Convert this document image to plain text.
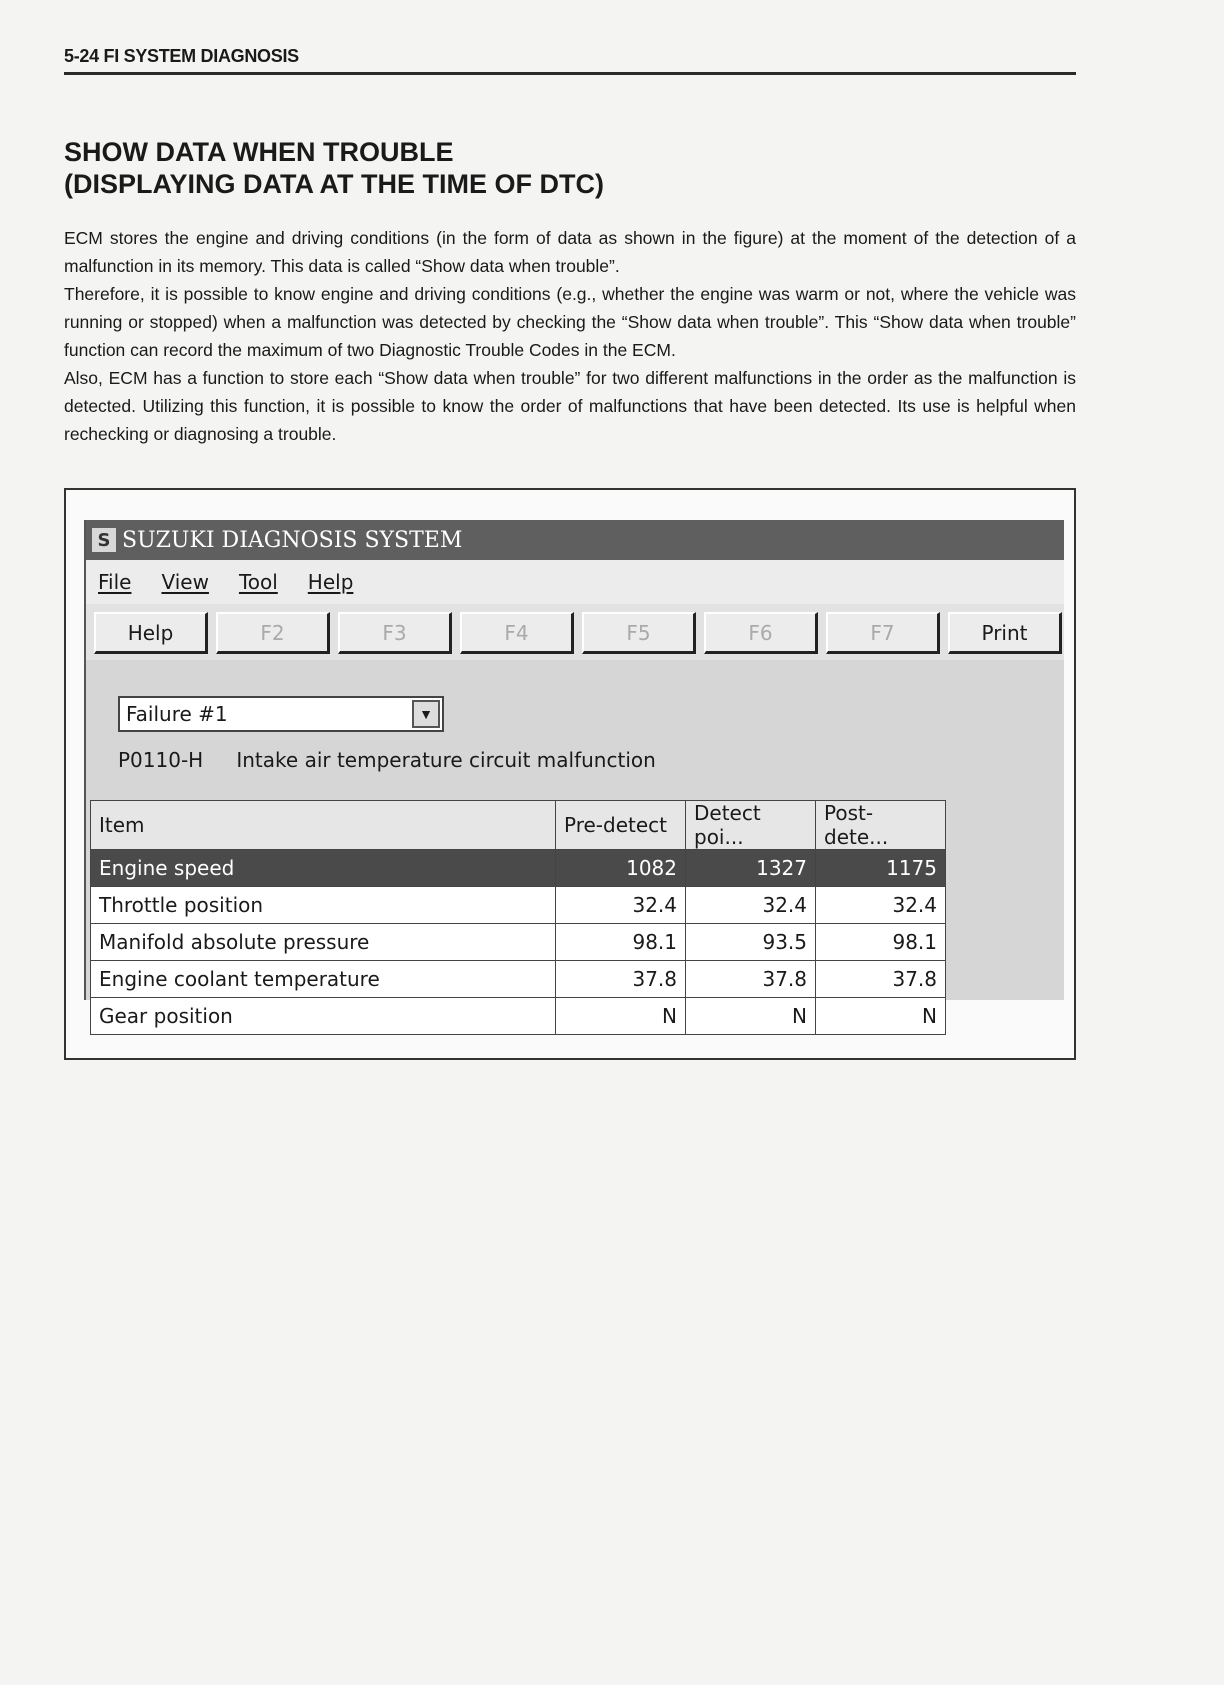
5-24 FI SYSTEM DIAGNOSIS
SHOW DATA WHEN TROUBLE
(DISPLAYING DATA AT THE TIME OF DTC)

ECM stores the engine and driving conditions (in the form of data as shown in the figure) at the moment of the detection of a malfunction in its memory. This data is called “Show data when trouble”.

Therefore, it is possible to know engine and driving conditions (e.g., whether the engine was warm or not, where the vehicle was running or stopped) when a malfunction was detected by checking the “Show data when trouble”. This “Show data when trouble” function can record the maximum of two Diagnostic Trouble Codes in the ECM.

Also, ECM has a function to store each “Show data when trouble” for two different malfunctions in the order as the malfunction is detected. Utilizing this function, it is possible to know the order of malfunctions that have been detected. Its use is helpful when rechecking or diagnosing a trouble.

S SUZUKI DIAGNOSIS SYSTEM
File View Tool Help
Help	F2	F3	F4	F5	F6	F7	Print
Failure #1	▼
P0110-H Intake air temperature circuit malfunction
Item	Pre-detect	Detect poi...	Post-dete...
Engine speed	1082	1327	1175
Throttle position	32.4	32.4	32.4
Manifold absolute pressure	98.1	93.5	98.1
Engine coolant temperature	37.8	37.8	37.8
Gear position	N	N	N
